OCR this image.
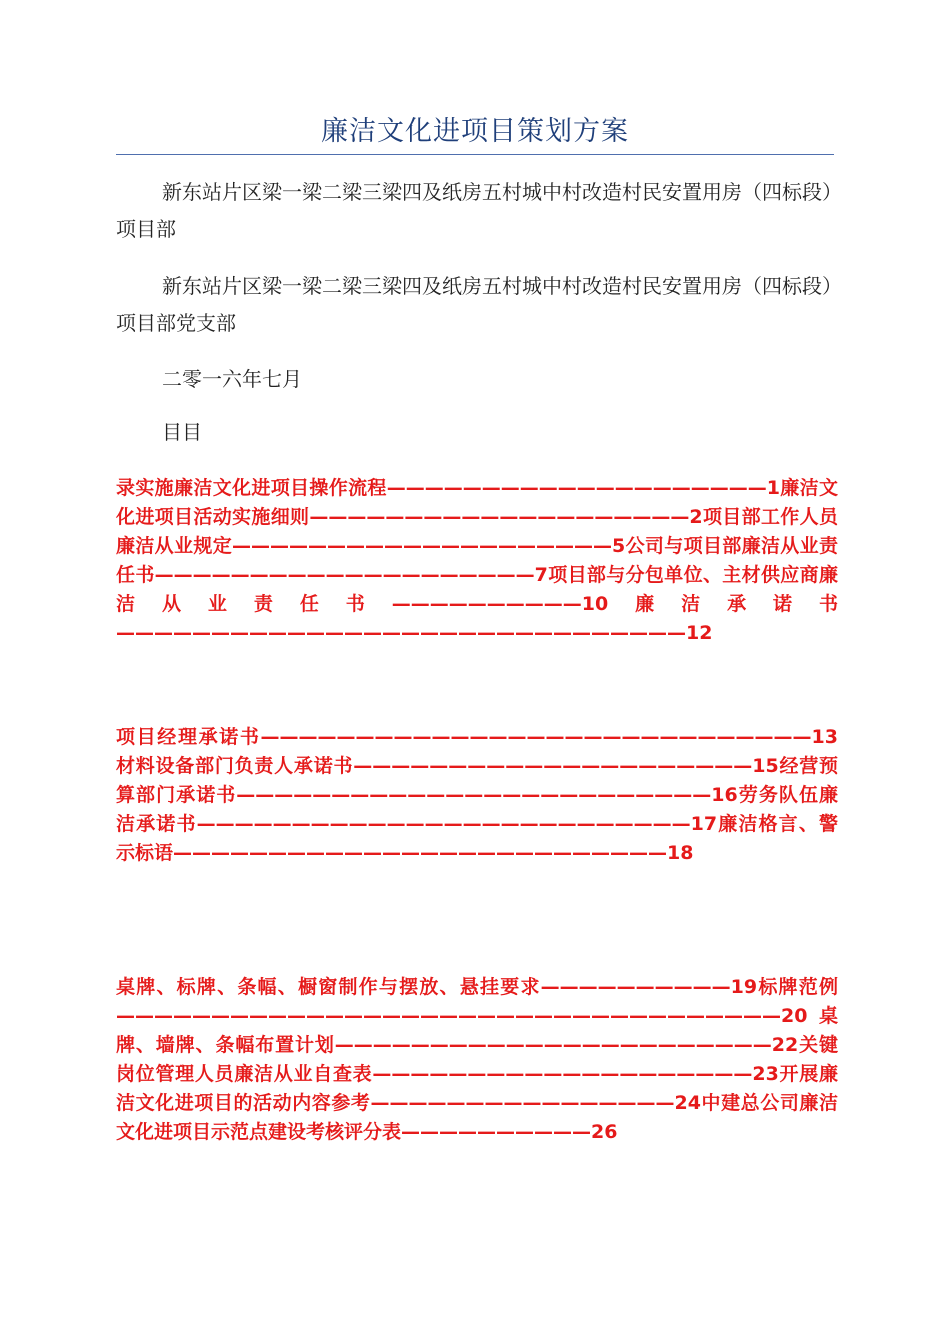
廉洁文化进项目策划方案

新东站片区梁一梁二梁三梁四及纸房五村城中村改造村民安置用房（四标段）项目部

新东站片区梁一梁二梁三梁四及纸房五村城中村改造村民安置用房（四标段）项目部党支部

二零一六年七月

目目

录实施廉洁文化进项目操作流程————————————————————1廉洁文化进项目活动实施细则————————————————————2项目部工作人员廉洁从业规定————————————————————5公司与项目部廉洁从业责任书————————————————————7项目部与分包单位、主材供应商廉洁从业责任书——————————10廉洁承诺书——————————————————————————————12

项目经理承诺书—————————————————————————————13材料设备部门负责人承诺书—————————————————————15经营预算部门承诺书—————————————————————————16劳务队伍廉洁承诺书——————————————————————————17廉洁格言、警示标语——————————————————————————18

桌牌、标牌、条幅、橱窗制作与摆放、悬挂要求——————————19标牌范例———————————————————————————————————20桌牌、墙牌、条幅布置计划———————————————————————22关键岗位管理人员廉洁从业自查表————————————————————23开展廉洁文化进项目的活动内容参考————————————————24中建总公司廉洁文化进项目示范点建设考核评分表——————————26
